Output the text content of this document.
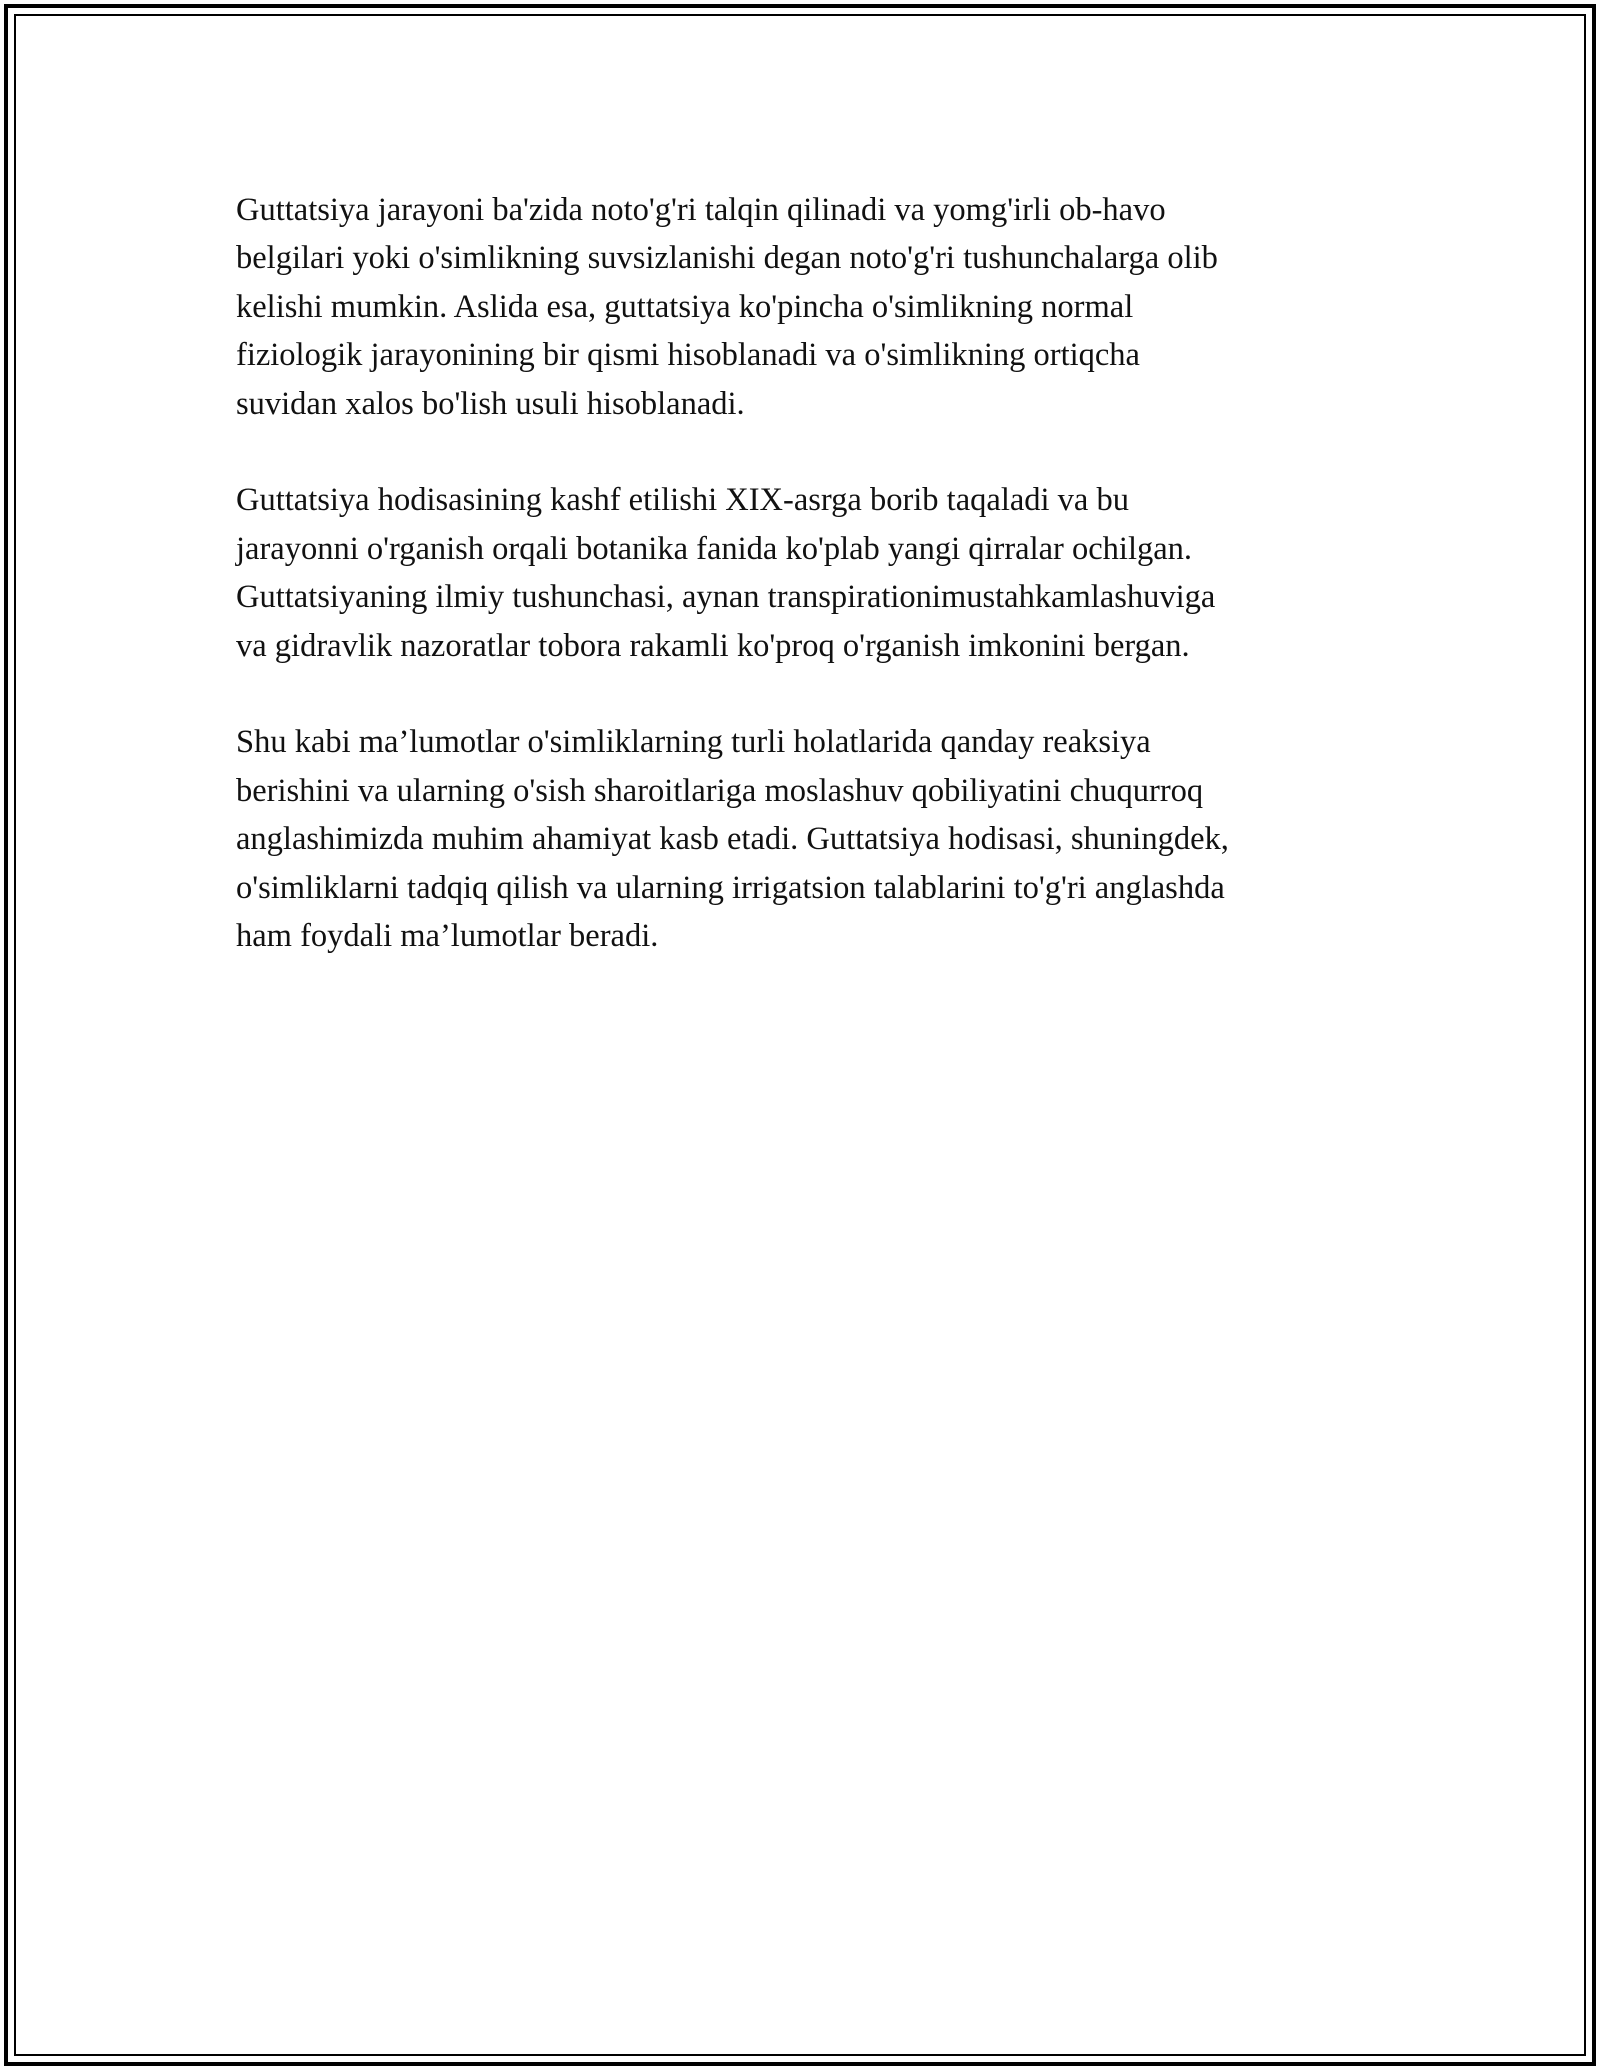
Guttatsiya jarayoni ba'zida noto'g'ri talqin qilinadi va yomg'irli ob-havo
belgilari yoki o'simlikning suvsizlanishi degan noto'g'ri tushunchalarga olib
kelishi mumkin. Aslida esa, guttatsiya ko'pincha o'simlikning normal
fiziologik jarayonining bir qismi hisoblanadi va o'simlikning ortiqcha
suvidan xalos bo'lish usuli hisoblanadi.

Guttatsiya hodisasining kashf etilishi XIX-asrga borib taqaladi va bu
jarayonni o'rganish orqali botanika fanida ko'plab yangi qirralar ochilgan.
Guttatsiyaning ilmiy tushunchasi, aynan transpirationimustahkamlashuviga
va gidravlik nazoratlar tobora rakamli ko'proq o'rganish imkonini bergan.

Shu kabi ma’lumotlar o'simliklarning turli holatlarida qanday reaksiya
berishini va ularning o'sish sharoitlariga moslashuv qobiliyatini chuqurroq
anglashimizda muhim ahamiyat kasb etadi. Guttatsiya hodisasi, shuningdek,
o'simliklarni tadqiq qilish va ularning irrigatsion talablarini to'g'ri anglashda
ham foydali ma’lumotlar beradi.
